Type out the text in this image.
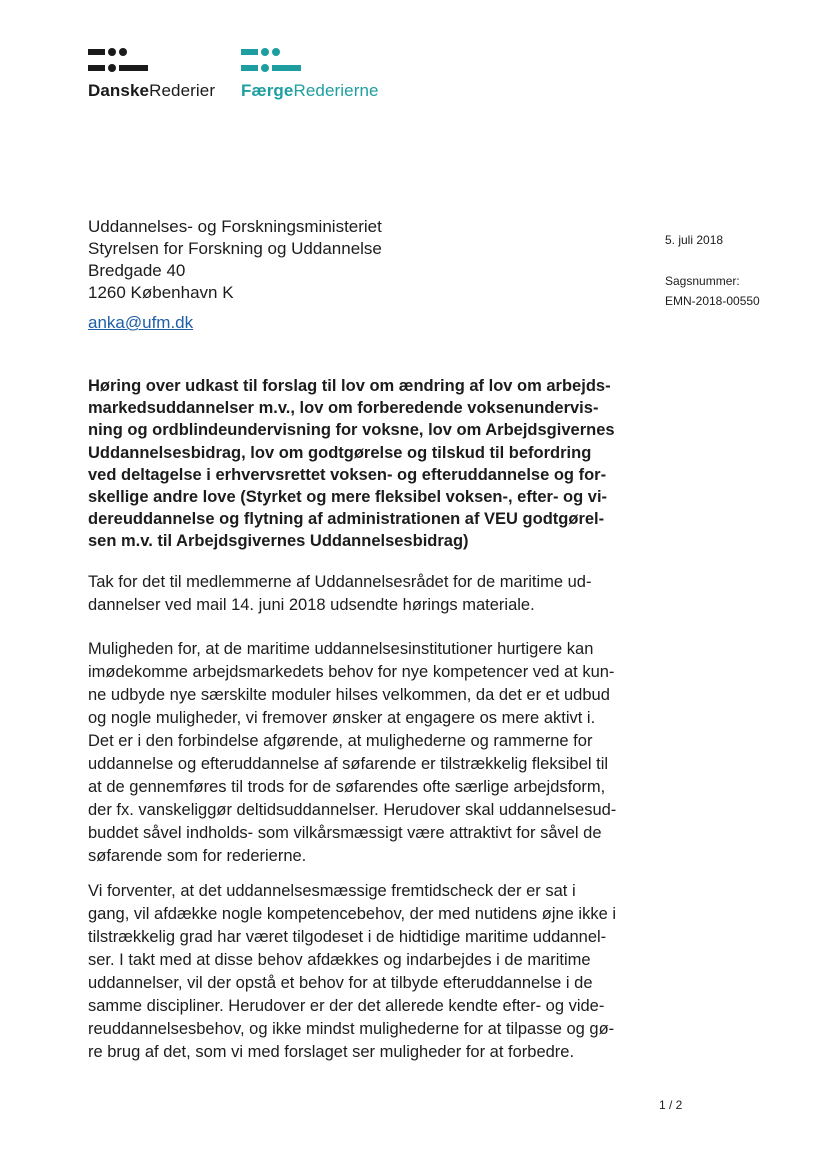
DanskeRederier FærgeRederierne
Uddannelses- og Forskningsministeriet
Styrelsen for Forskning og Uddannelse
Bredgade 40
1260 København K
anka@ufm.dk
5. juli 2018
Sagsnummer:
EMN-2018-00550
Høring over udkast til forslag til lov om ændring af lov om arbejds-
markedsuddannelser m.v., lov om forberedende voksenundervis-
ning og ordblindeundervisning for voksne, lov om Arbejdsgivernes
Uddannelsesbidrag, lov om godtgørelse og tilskud til befordring
ved deltagelse i erhvervsrettet voksen- og efteruddannelse og for-
skellige andre love (Styrket og mere fleksibel voksen-, efter- og vi-
dereuddannelse og flytning af administrationen af VEU godtgørel-
sen m.v. til Arbejdsgivernes Uddannelsesbidrag)
Tak for det til medlemmerne af Uddannelsesrådet for de maritime ud-
dannelser ved mail 14. juni 2018 udsendte hørings materiale.
Muligheden for, at de maritime uddannelsesinstitutioner hurtigere kan
imødekomme arbejdsmarkedets behov for nye kompetencer ved at kun-
ne udbyde nye særskilte moduler hilses velkommen, da det er et udbud
og nogle muligheder, vi fremover ønsker at engagere os mere aktivt i.
Det er i den forbindelse afgørende, at mulighederne og rammerne for
uddannelse og efteruddannelse af søfarende er tilstrækkelig fleksibel til
at de gennemføres til trods for de søfarendes ofte særlige arbejdsform,
der fx. vanskeliggør deltidsuddannelser. Herudover skal uddannelsesud-
buddet såvel indholds- som vilkårsmæssigt være attraktivt for såvel de
søfarende som for rederierne.
Vi forventer, at det uddannelsesmæssige fremtidscheck der er sat i
gang, vil afdække nogle kompetencebehov, der med nutidens øjne ikke i
tilstrækkelig grad har været tilgodeset i de hidtidige maritime uddannel-
ser. I takt med at disse behov afdækkes og indarbejdes i de maritime
uddannelser, vil der opstå et behov for at tilbyde efteruddannelse i de
samme discipliner. Herudover er der det allerede kendte efter- og vide-
reuddannelsesbehov, og ikke mindst mulighederne for at tilpasse og gø-
re brug af det, som vi med forslaget ser muligheder for at forbedre.
1 / 2
